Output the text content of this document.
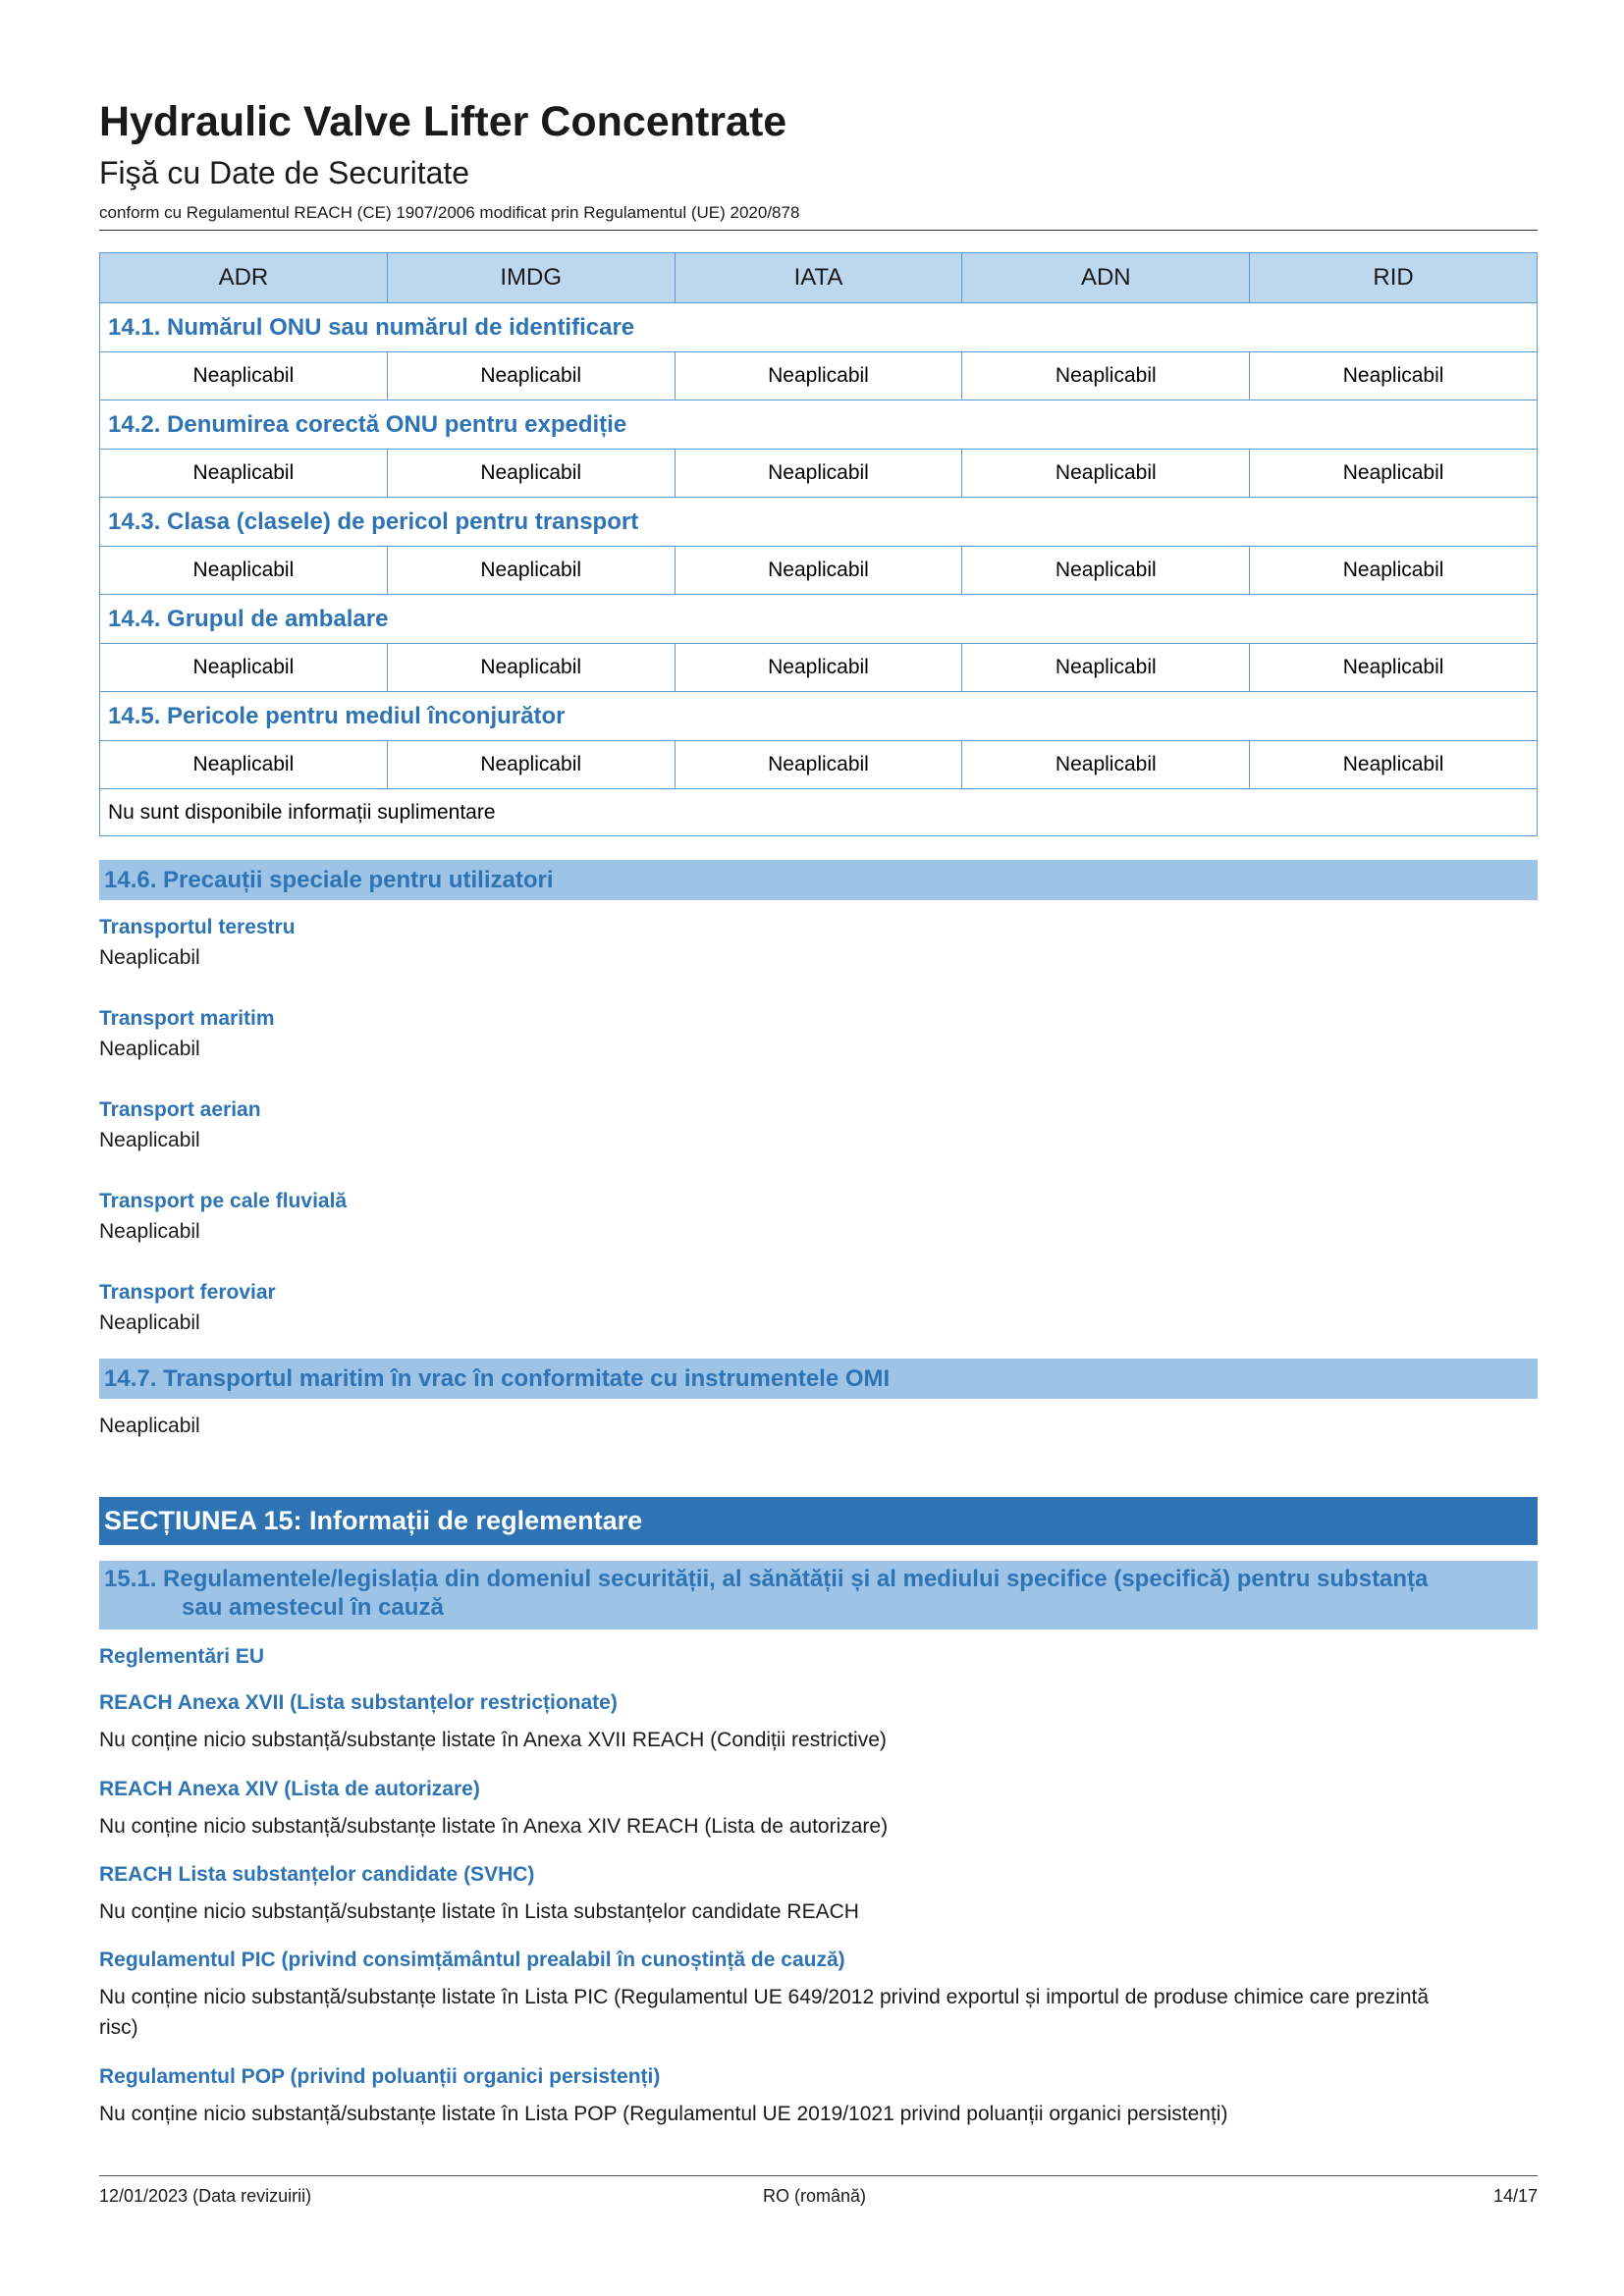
Hydraulic Valve Lifter Concentrate
Fişă cu Date de Securitate
conform cu Regulamentul REACH (CE) 1907/2006 modificat prin Regulamentul (UE) 2020/878
ADR	IMDG	IATA	ADN	RID
14.1. Numărul ONU sau numărul de identificare				
Neaplicabil	Neaplicabil	Neaplicabil	Neaplicabil	Neaplicabil
14.2. Denumirea corectă ONU pentru expediție				
Neaplicabil	Neaplicabil	Neaplicabil	Neaplicabil	Neaplicabil
14.3. Clasa (clasele) de pericol pentru transport				
Neaplicabil	Neaplicabil	Neaplicabil	Neaplicabil	Neaplicabil
14.4. Grupul de ambalare				
Neaplicabil	Neaplicabil	Neaplicabil	Neaplicabil	Neaplicabil
14.5. Pericole pentru mediul înconjurător				
Neaplicabil	Neaplicabil	Neaplicabil	Neaplicabil	Neaplicabil
Nu sunt disponibile informații suplimentare				
14.6. Precauții speciale pentru utilizatori
Transportul terestru
Neaplicabil
Transport maritim
Neaplicabil
Transport aerian
Neaplicabil
Transport pe cale fluvială
Neaplicabil
Transport feroviar
Neaplicabil
14.7. Transportul maritim în vrac în conformitate cu instrumentele OMI
Neaplicabil
SECȚIUNEA 15: Informații de reglementare
15.1. Regulamentele/legislația din domeniul securității, al sănătății și al mediului specifice (specifică) pentru substanța
sau amestecul în cauză
Reglementări EU
REACH Anexa XVII (Lista substanțelor restricționate)
Nu conține nicio substanță/substanțe listate în Anexa XVII REACH (Condiții restrictive)
REACH Anexa XIV (Lista de autorizare)
Nu conține nicio substanță/substanțe listate în Anexa XIV REACH (Lista de autorizare)
REACH Lista substanțelor candidate (SVHC)
Nu conține nicio substanță/substanțe listate în Lista substanțelor candidate REACH
Regulamentul PIC (privind consimțământul prealabil în cunoștință de cauză)
Nu conține nicio substanță/substanțe listate în Lista PIC (Regulamentul UE 649/2012 privind exportul și importul de produse chimice care prezintă
risc)
Regulamentul POP (privind poluanții organici persistenți)
Nu conține nicio substanță/substanțe listate în Lista POP (Regulamentul UE 2019/1021 privind poluanții organici persistenți)
12/01/2023 (Data revizuirii)	RO (română)	14/17
